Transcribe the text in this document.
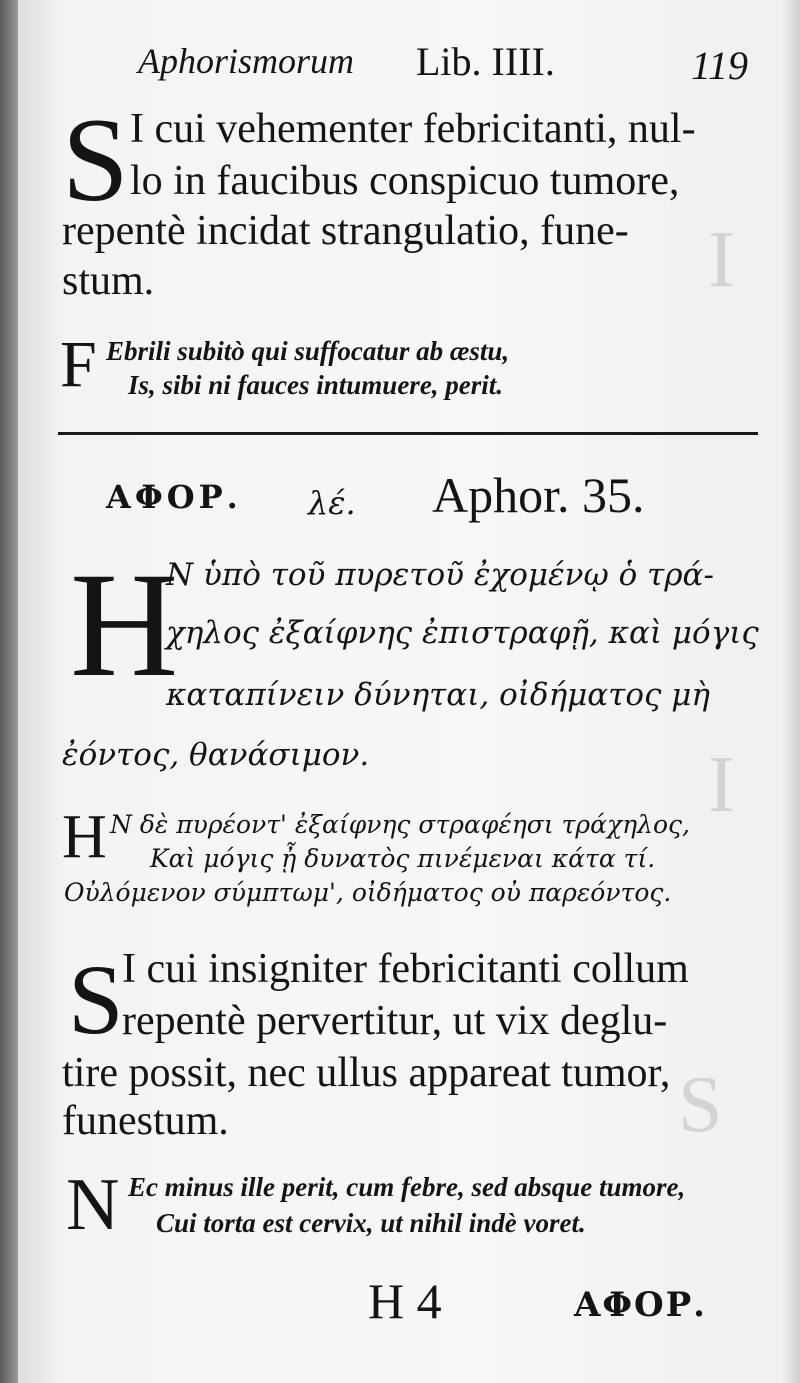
I
I
S
Aphorismorum Lib. IIII.	119
S I cui vehementer febricitanti, nul-
lo in faucibus conspicuo tumore,
repentè incidat strangulatio, fune-
stum.
F Ebrili subitò qui suffocatur ab æstu,
Is, sibi ni fauces intumuere, perit.
ΑΦΟΡ. λέ. Aphor. 35.
H
Ν ὑπὸ τοῦ πυρετοῦ ἐχομένῳ ὁ τρά-
χηλος ἐξαίφνης ἐπιστραφῇ, καὶ μόγις
καταπίνειν δύνηται, οἰδήματος μὴ
ἐόντος, θανάσιμον.
H Ν δὲ πυρέοντ' ἐξαίφνης στραφέησι τράχηλος,
Καὶ μόγις ᾖ δυνατὸς πινέμεναι κάτα τί.
Οὐλόμενον σύμπτωμ', οἰδήματος οὐ παρεόντος.
S
I cui insigniter febricitanti collum
repentè pervertitur, ut vix deglu-
tire possit, nec ullus appareat tumor,
funestum.
N Ec minus ille perit, cum febre, sed absque tumore,
Cui torta est cervix, ut nihil indè voret.
H 4	ΑΦΟΡ.
